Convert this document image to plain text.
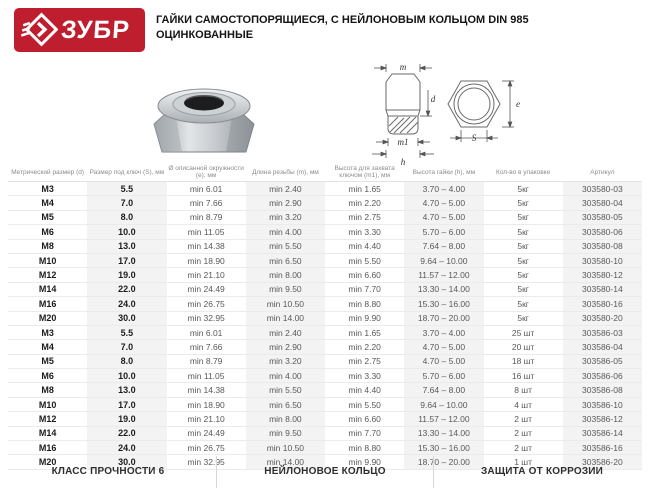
ЗУБР ГАЙКИ САМОСТОПОРЯЩИЕСЯ, С НЕЙЛОНОВЫМ КОЛЬЦОМ DIN 985
ОЦИНКОВАННЫЕ
m
d
m1
h
e
S
Метрический размер (d)	Размер под ключ (S), мм	Ø описанной окружности (e), мм	Длина резьбы (m), мм	Высота для захвата ключом (m1), мм	Высота гайки (h), мм	Кол-во в упаковке	Артикул
M3	5.5	min 6.01	min 2.40	min 1.65	3.70 – 4.00	5кг	303580-03
M4	7.0	min 7.66	min 2.90	min 2.20	4.70 – 5.00	5кг	303580-04
M5	8.0	min 8.79	min 3.20	min 2.75	4.70 – 5.00	5кг	303580-05
M6	10.0	min 11.05	min 4.00	min 3.30	5.70 – 6.00	5кг	303580-06
M8	13.0	min 14.38	min 5.50	min 4.40	7.64 – 8.00	5кг	303580-08
M10	17.0	min 18.90	min 6.50	min 5.50	9.64 – 10.00	5кг	303580-10
M12	19.0	min 21.10	min 8.00	min 6.60	11.57 – 12.00	5кг	303580-12
M14	22.0	min 24.49	min 9.50	min 7.70	13.30 – 14.00	5кг	303580-14
M16	24.0	min 26.75	min 10.50	min 8.80	15.30 – 16.00	5кг	303580-16
M20	30.0	min 32.95	min 14.00	min 9.90	18.70 – 20.00	5кг	303580-20
M3	5.5	min 6.01	min 2.40	min 1.65	3.70 – 4.00	25 шт	303586-03
M4	7.0	min 7.66	min 2.90	min 2.20	4.70 – 5.00	20 шт	303586-04
M5	8.0	min 8.79	min 3.20	min 2.75	4.70 – 5.00	18 шт	303586-05
M6	10.0	min 11.05	min 4.00	min 3.30	5.70 – 6.00	16 шт	303586-06
M8	13.0	min 14.38	min 5.50	min 4.40	7.64 – 8.00	8 шт	303586-08
M10	17.0	min 18.90	min 6.50	min 5.50	9.64 – 10.00	4 шт	303586-10
M12	19.0	min 21.10	min 8.00	min 6.60	11.57 – 12.00	2 шт	303586-12
M14	22.0	min 24.49	min 9.50	min 7.70	13.30 – 14.00	2 шт	303586-14
M16	24.0	min 26.75	min 10.50	min 8.80	15.30 – 16.00	2 шт	303586-16
M20	30.0	min 32.95	min 14.00	min 9.90	18.70 – 20.00	1 шт	303586-20
КЛАСС ПРОЧНОСТИ 6	НЕЙЛОНОВОЕ КОЛЬЦО	ЗАЩИТА ОТ КОРРОЗИИ
